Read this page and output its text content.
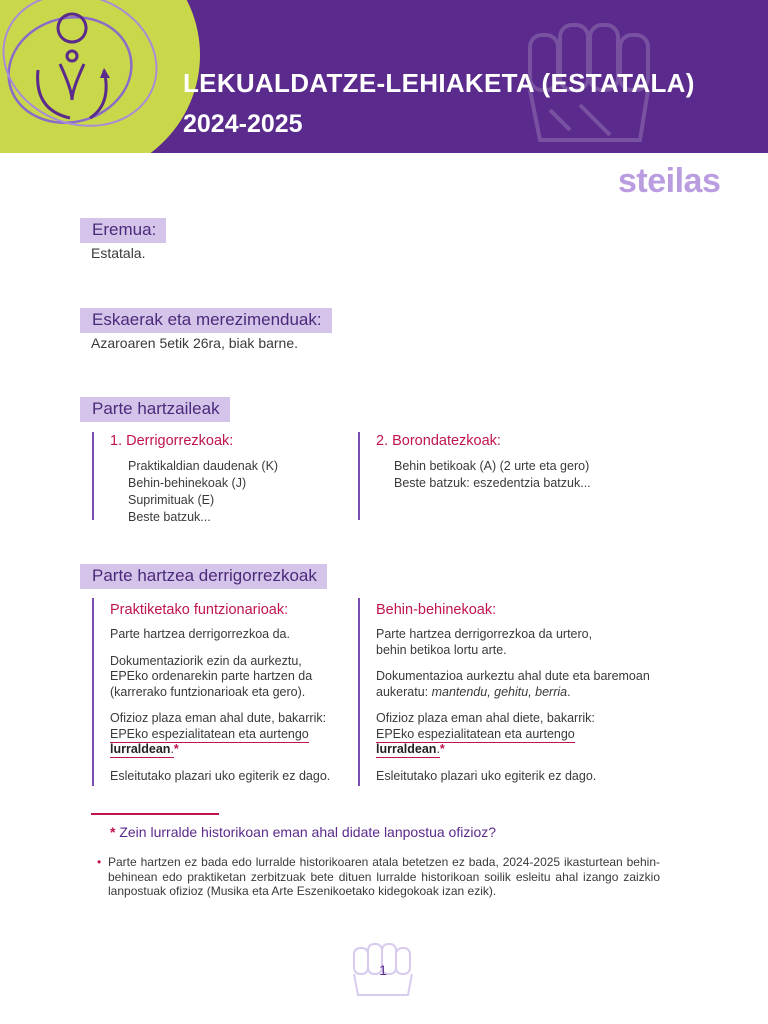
LEKUALDATZE-LEHIAKETA (ESTATALA)
2024-2025
steilas
Eremua:
Estatala.
Eskaerak eta merezimenduak:
Azaroaren 5etik 26ra, biak barne.
Parte hartzaileak
1. Derrigorrezkoak:
Praktikaldian daudenak (K)
Behin-behinekoak (J)
Suprimituak (E)
Beste batzuk...
2. Borondatezkoak:
Behin betikoak (A) (2 urte eta gero)
Beste batzuk: eszedentzia batzuk...
Parte hartzea derrigorrezkoak
Praktiketako funtzionarioak:

Parte hartzea derrigorrezkoa da.

Dokumentaziorik ezin da aurkeztu,
EPEko ordenarekin parte hartzen da
(karrerako funtzionarioak eta gero).

Ofizioz plaza eman ahal dute, bakarrik:
EPEko espezialitatean eta aurtengo
lurraldean.*

Esleitutako plazari uko egiterik ez dago.

Behin-behinekoak:

Parte hartzea derrigorrezkoa da urtero,
behin betikoa lortu arte.

Dokumentazioa aurkeztu ahal dute eta baremoan
aukeratu: mantendu, gehitu, berria.

Ofizioz plaza eman ahal diete, bakarrik:
EPEko espezialitatean eta aurtengo
lurraldean.*

Esleitutako plazari uko egiterik ez dago.

* Zein lurralde historikoan eman ahal didate lanpostua ofizioz?
• Parte hartzen ez bada edo lurralde historikoaren atala betetzen ez bada, 2024-2025 ikasturtean behin-behinean edo praktiketan zerbitzuak bete dituen lurralde historikoan soilik esleitu ahal izango zaizkio lanpostuak ofizioz (Musika eta Arte Eszenikoetako kidegokoak izan ezik).
1
